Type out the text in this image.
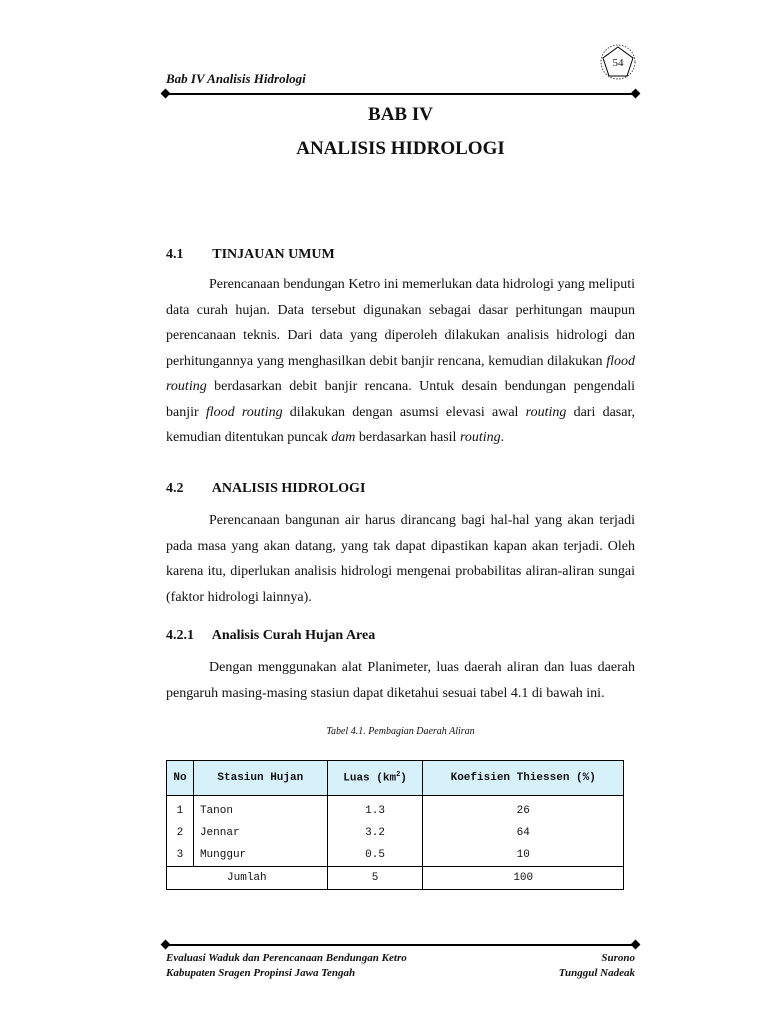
Bab IV Analisis Hidrologi
54
BAB IV
ANALISIS HIDROLOGI
4.1 TINJAUAN UMUM

Perencanaan bendungan Ketro ini memerlukan data hidrologi yang meliputi data curah hujan. Data tersebut digunakan sebagai dasar perhitungan maupun perencanaan teknis. Dari data yang diperoleh dilakukan analisis hidrologi dan perhitungannya yang menghasilkan debit banjir rencana, kemudian dilakukan flood routing berdasarkan debit banjir rencana. Untuk desain bendungan pengendali banjir flood routing dilakukan dengan asumsi elevasi awal routing dari dasar, kemudian ditentukan puncak dam berdasarkan hasil routing.

4.2 ANALISIS HIDROLOGI

Perencanaan bangunan air harus dirancang bagi hal-hal yang akan terjadi pada masa yang akan datang, yang tak dapat dipastikan kapan akan terjadi. Oleh karena itu, diperlukan analisis hidrologi mengenai probabilitas aliran-aliran sungai (faktor hidrologi lainnya).

4.2.1 Analisis Curah Hujan Area

Dengan menggunakan alat Planimeter, luas daerah aliran dan luas daerah pengaruh masing-masing stasiun dapat diketahui sesuai tabel 4.1 di bawah ini.

Tabel 4.1. Pembagian Daerah Aliran
No	Stasiun Hujan	Luas $(km^2)$	Koefisien Thiessen (%)
1	Tanon	1.3	26
2	Jennar	3.2	64
3	Munggur	0.5	10
Jumlah		5	100
Evaluasi Waduk dan Perencanaan Bendungan Ketro
Kabupaten Sragen Propinsi Jawa Tengah
Surono
Tunggul Nadeak
